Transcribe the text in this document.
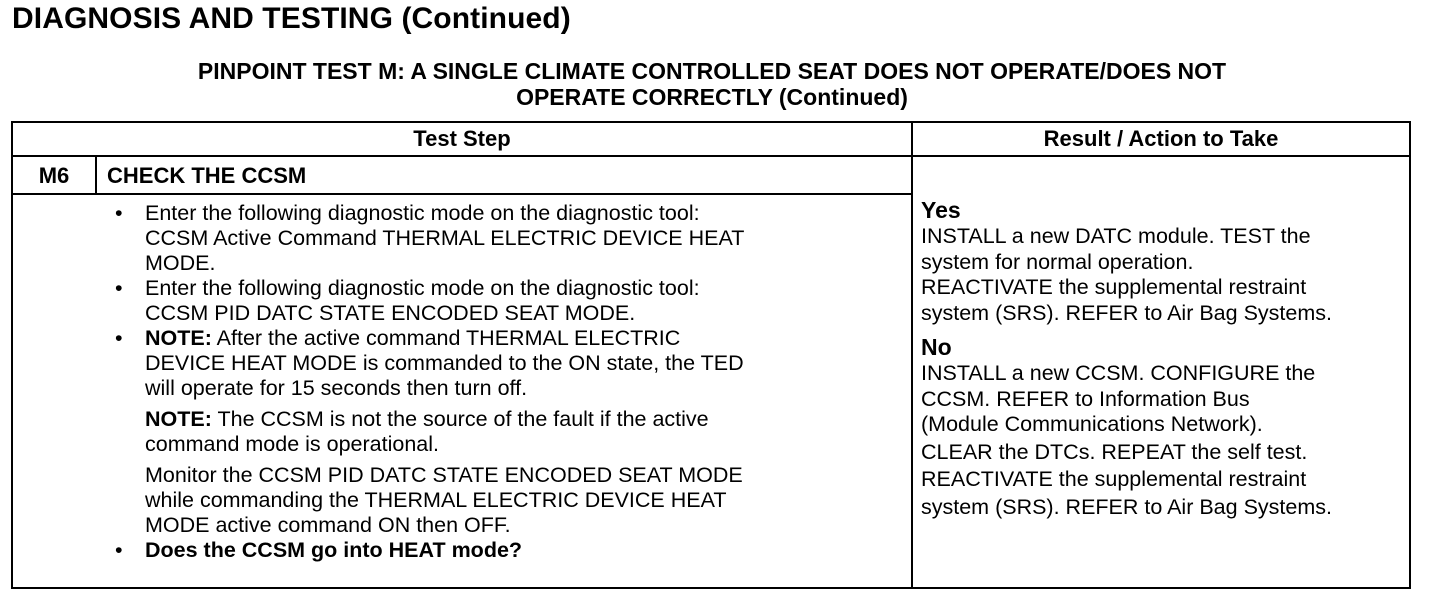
DIAGNOSIS AND TESTING (Continued)
PINPOINT TEST M: A SINGLE CLIMATE CONTROLLED SEAT DOES NOT OPERATE/DOES NOT
OPERATE CORRECTLY (Continued)
Test Step	Result / Action to Take
M6	CHECK THE CCSM
• Enter the following diagnostic mode on the diagnostic tool:
CCSM Active Command THERMAL ELECTRIC DEVICE HEAT
MODE.
• Enter the following diagnostic mode on the diagnostic tool:
CCSM PID DATC STATE ENCODED SEAT MODE.
• NOTE: After the active command THERMAL ELECTRIC
DEVICE HEAT MODE is commanded to the ON state, the TED
will operate for 15 seconds then turn off.
NOTE: The CCSM is not the source of the fault if the active
command mode is operational.
Monitor the CCSM PID DATC STATE ENCODED SEAT MODE
while commanding the THERMAL ELECTRIC DEVICE HEAT
MODE active command ON then OFF.
• Does the CCSM go into HEAT mode?
Yes
INSTALL a new DATC module. TEST the
system for normal operation.
REACTIVATE the supplemental restraint
system (SRS). REFER to Air Bag Systems.
No
INSTALL a new CCSM. CONFIGURE the
CCSM. REFER to Information Bus
(Module Communications Network).
CLEAR the DTCs. REPEAT the self test.
REACTIVATE the supplemental restraint
system (SRS). REFER to Air Bag Systems.
